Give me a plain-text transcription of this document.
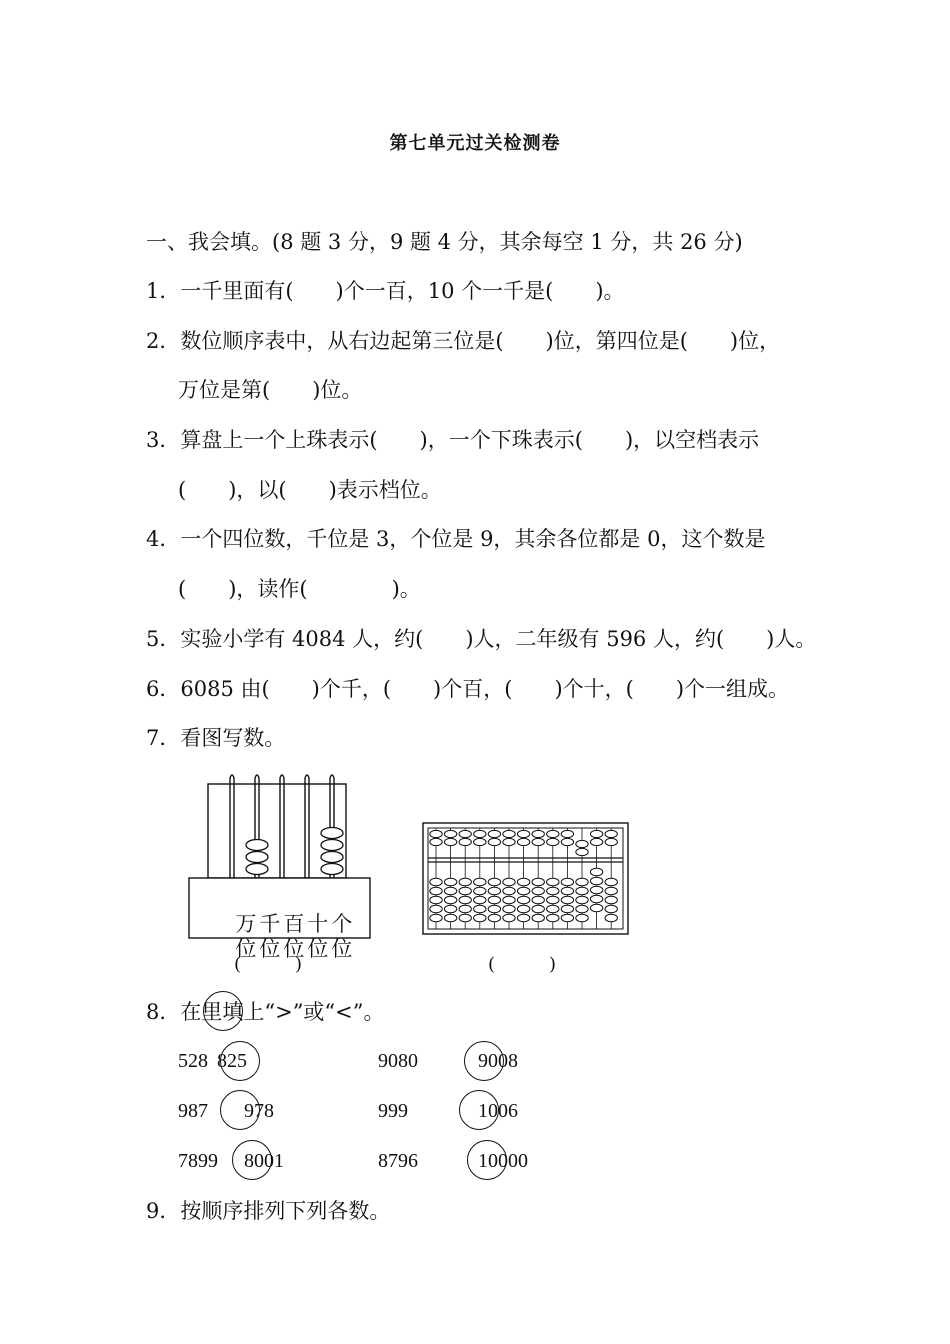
第七单元过关检测卷
一、我会填。(8 题 3 分，9 题 4 分，其余每空 1 分，共 26 分)
1．一千里面有(　　)个一百，10 个一千是(　　)。
2．数位顺序表中，从右边起第三位是(　　)位，第四位是(　　)位，
万位是第(　　)位。
3．算盘上一个上珠表示(　　)，一个下珠表示(　　)，以空档表示
(　　)，以(　　)表示档位。
4．一个四位数，千位是 3，个位是 9，其余各位都是 0，这个数是
(　　)，读作(　　　　)。
5．实验小学有 4084 人，约(　　)人，二年级有 596 人，约(　　)人。
6．6085 由(　　)个千，(　　)个百，(　　)个十，(　　)个一组成。
7．看图写数。

万千百十个

位位位位位

(　　　)	(　　　)
8．在里填上“>”或“<”。
528 825	9080	9008
987 978	999	1006
7899 8001	8796	10000
9．按顺序排列下列各数。
